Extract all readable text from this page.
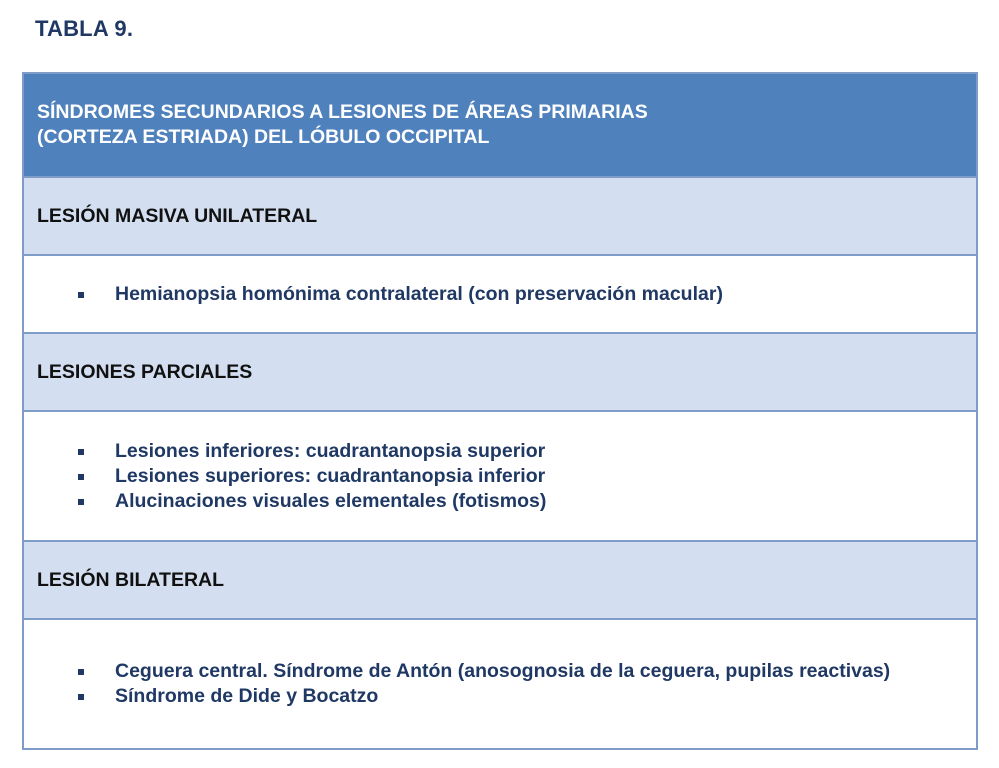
TABLA 9.
SÍNDROMES SECUNDARIOS A LESIONES DE ÁREAS PRIMARIAS
(CORTEZA ESTRIADA) DEL LÓBULO OCCIPITAL
LESIÓN MASIVA UNILATERAL
Hemianopsia homónima contralateral (con preservación macular)
LESIONES PARCIALES
Lesiones inferiores: cuadrantanopsia superior
Lesiones superiores: cuadrantanopsia inferior
Alucinaciones visuales elementales (fotismos)
LESIÓN BILATERAL
Ceguera central. Síndrome de Antón (anosognosia de la ceguera, pupilas reactivas)
Síndrome de Dide y Bocatzo
